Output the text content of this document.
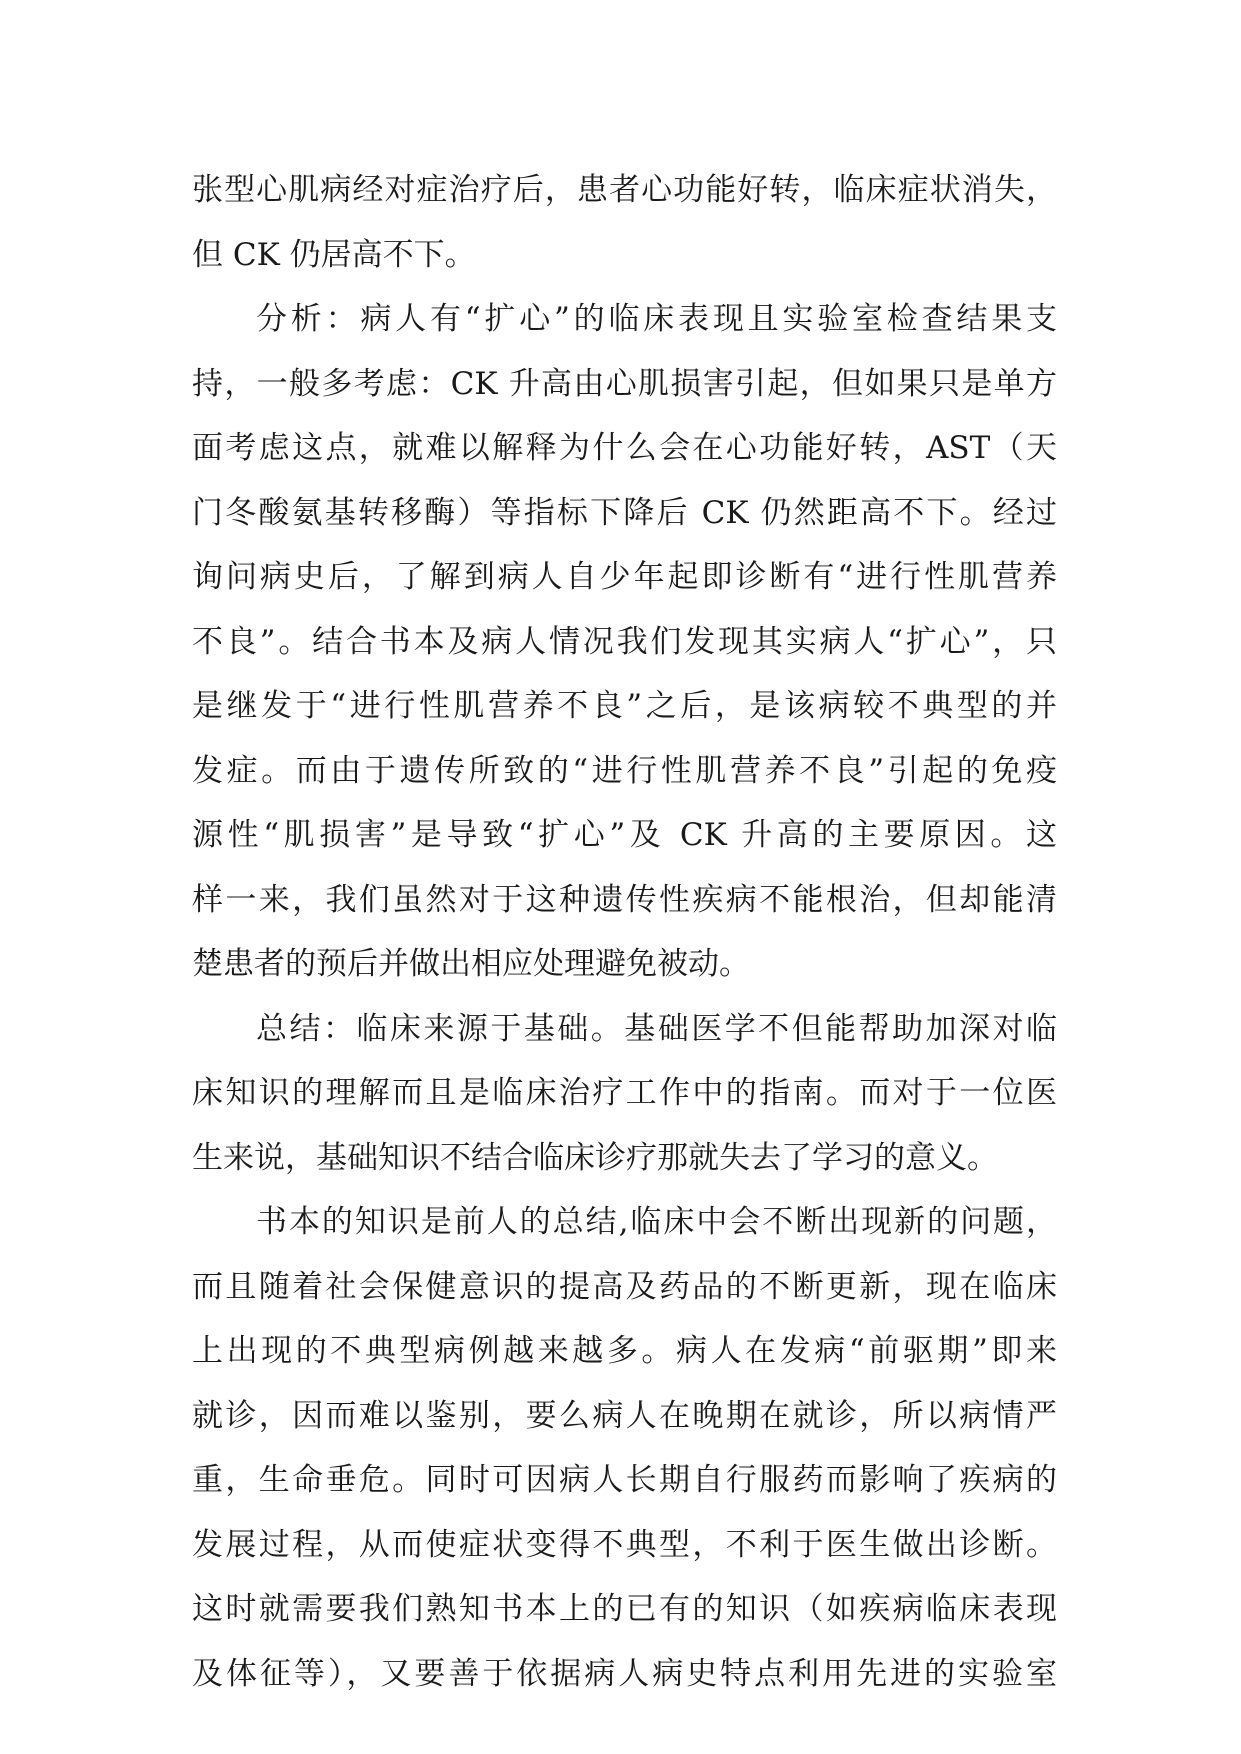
张型心肌病经对症治疗后，患者心功能好转，临床症状消失，
但 CK 仍居高不下。
分析：病人有“扩心”的临床表现且实验室检查结果支
持，一般多考虑：CK 升高由心肌损害引起，但如果只是单方
面考虑这点，就难以解释为什么会在心功能好转，AST（天
门冬酸氨基转移酶）等指标下降后 CK 仍然距高不下。经过
询问病史后，了解到病人自少年起即诊断有“进行性肌营养
不良”。结合书本及病人情况我们发现其实病人“扩心”，只
是继发于“进行性肌营养不良”之后，是该病较不典型的并
发症。而由于遗传所致的“进行性肌营养不良”引起的免疫
源性“肌损害”是导致“扩心”及 CK 升高的主要原因。这
样一来，我们虽然对于这种遗传性疾病不能根治，但却能清
楚患者的预后并做出相应处理避免被动。
总结：临床来源于基础。基础医学不但能帮助加深对临
床知识的理解而且是临床治疗工作中的指南。而对于一位医
生来说，基础知识不结合临床诊疗那就失去了学习的意义。
书本的知识是前人的总结,临床中会不断出现新的问题，
而且随着社会保健意识的提高及药品的不断更新，现在临床
上出现的不典型病例越来越多。病人在发病“前驱期”即来
就诊，因而难以鉴别，要么病人在晚期在就诊，所以病情严
重，生命垂危。同时可因病人长期自行服药而影响了疾病的
发展过程，从而使症状变得不典型，不利于医生做出诊断。
这时就需要我们熟知书本上的已有的知识（如疾病临床表现
及体征等），又要善于依据病人病史特点利用先进的实验室
